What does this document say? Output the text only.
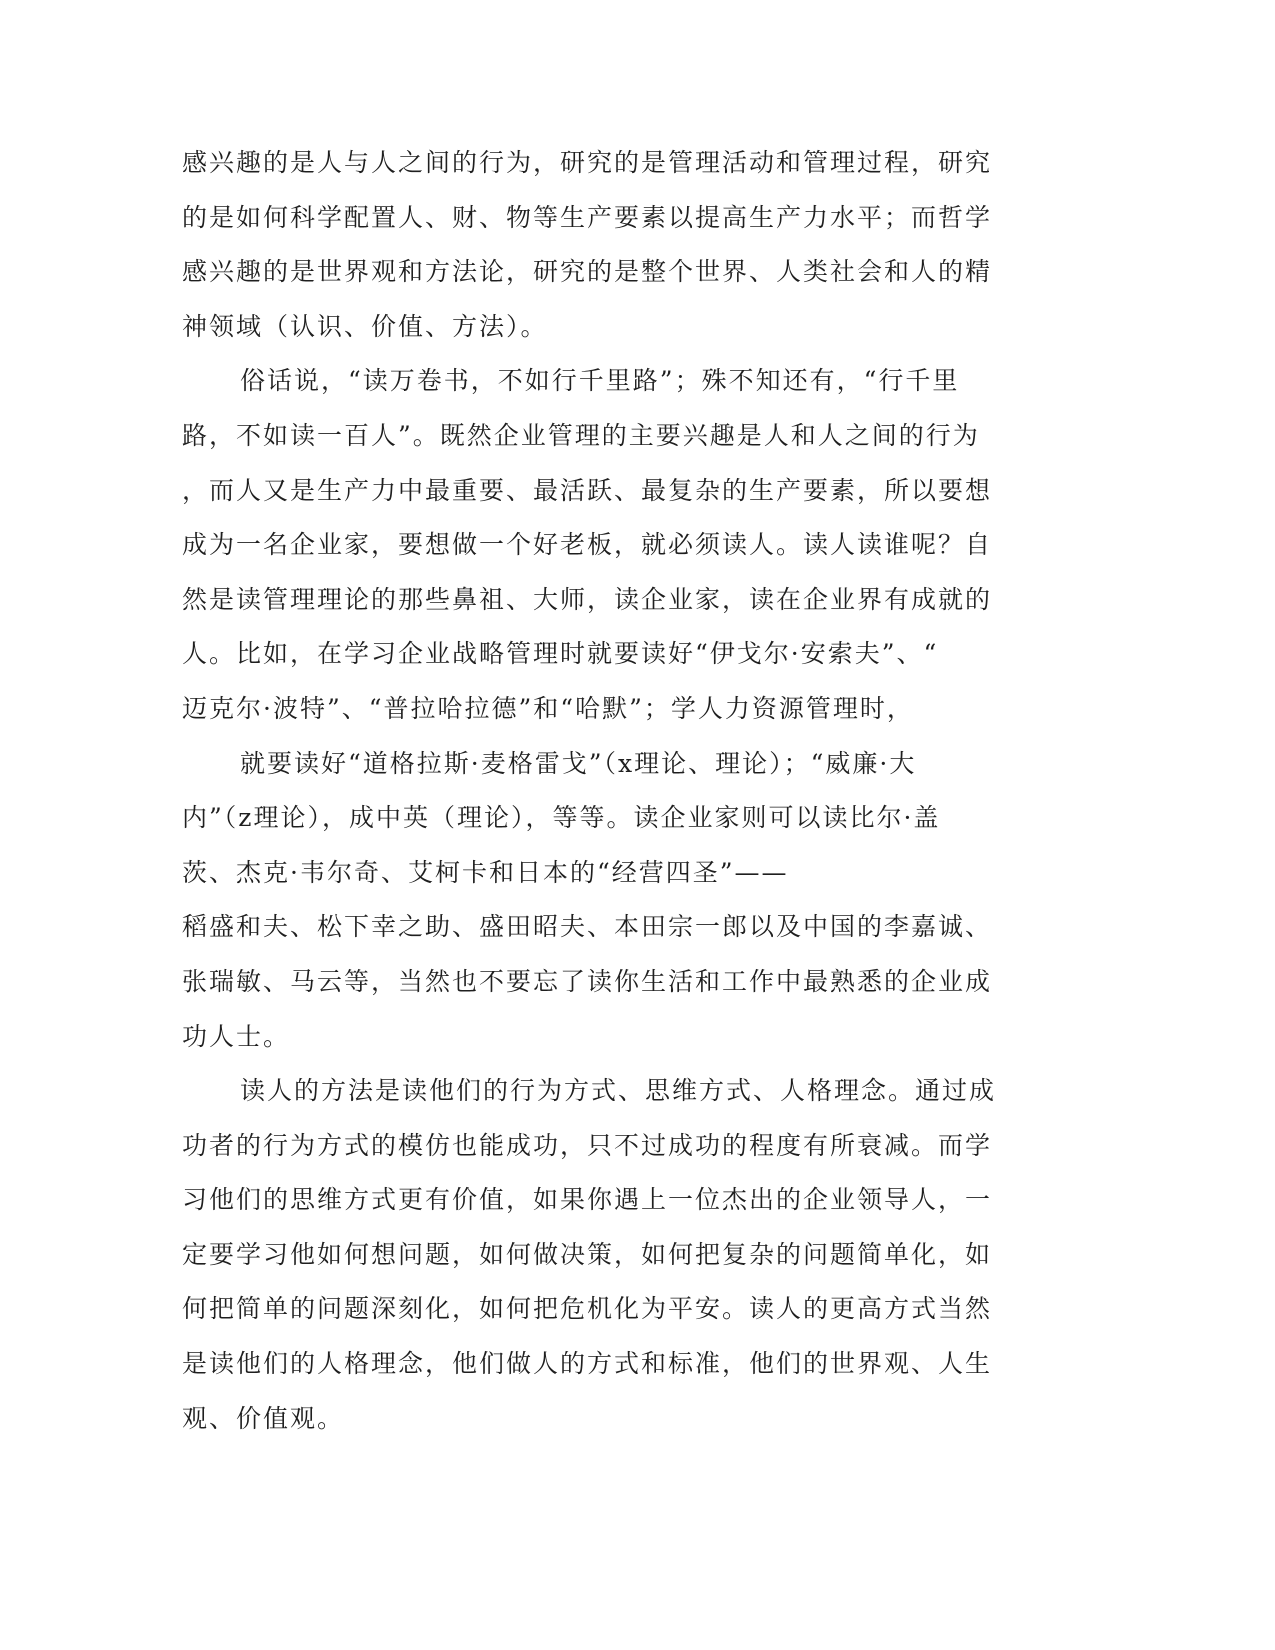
感兴趣的是人与人之间的行为，研究的是管理活动和管理过程，研究
的是如何科学配置人、财、物等生产要素以提高生产力水平；而哲学
感兴趣的是世界观和方法论，研究的是整个世界、人类社会和人的精
神领域（认识、价值、方法）。
俗话说，“读万卷书，不如行千里路”；殊不知还有，“行千里
路，不如读一百人”。既然企业管理的主要兴趣是人和人之间的行为
，而人又是生产力中最重要、最活跃、最复杂的生产要素，所以要想
成为一名企业家，要想做一个好老板，就必须读人。读人读谁呢？自
然是读管理理论的那些鼻祖、大师，读企业家，读在企业界有成就的
人。比如，在学习企业战略管理时就要读好“伊戈尔·安索夫”、“
迈克尔·波特”、“普拉哈拉德”和“哈默”；学人力资源管理时，
就要读好“道格拉斯·麦格雷戈”（x理论、理论）；“威廉·大
内”（z理论），成中英（理论），等等。读企业家则可以读比尔·盖
茨、杰克·韦尔奇、艾柯卡和日本的“经营四圣”——
稻盛和夫、松下幸之助、盛田昭夫、本田宗一郎以及中国的李嘉诚、
张瑞敏、马云等，当然也不要忘了读你生活和工作中最熟悉的企业成
功人士。
读人的方法是读他们的行为方式、思维方式、人格理念。通过成
功者的行为方式的模仿也能成功，只不过成功的程度有所衰减。而学
习他们的思维方式更有价值，如果你遇上一位杰出的企业领导人，一
定要学习他如何想问题，如何做决策，如何把复杂的问题简单化，如
何把简单的问题深刻化，如何把危机化为平安。读人的更高方式当然
是读他们的人格理念，他们做人的方式和标准，他们的世界观、人生
观、价值观。
